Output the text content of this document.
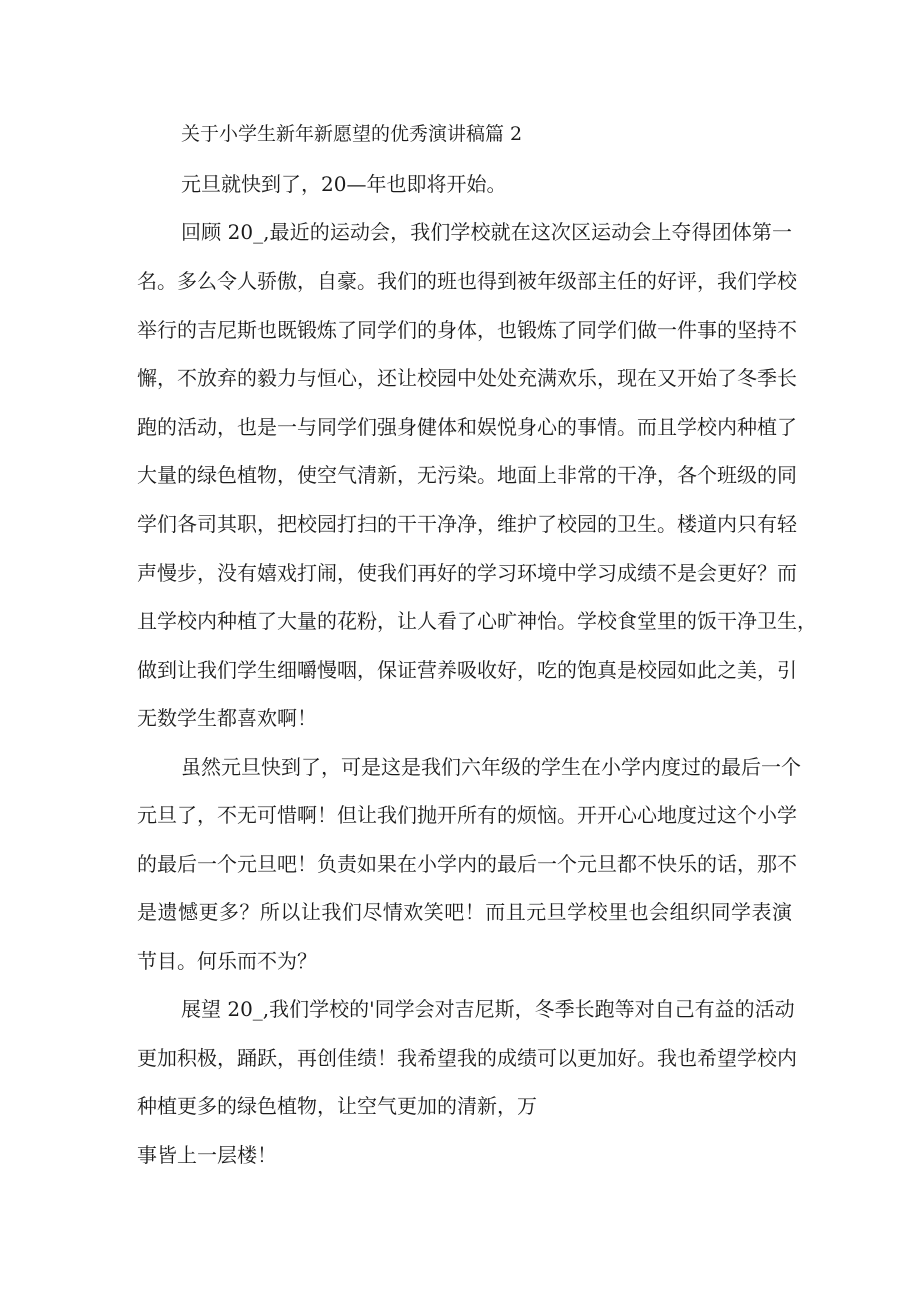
关于小学生新年新愿望的优秀演讲稿篇 2

元旦就快到了，20—年也即将开始。

回顾 20_,最近的运动会，我们学校就在这次区运动会上夺得团体第一

名。多么令人骄傲，自豪。我们的班也得到被年级部主任的好评，我们学校

举行的吉尼斯也既锻炼了同学们的身体，也锻炼了同学们做一件事的坚持不

懈，不放弃的毅力与恒心，还让校园中处处充满欢乐，现在又开始了冬季长

跑的活动，也是一与同学们强身健体和娱悦身心的事情。而且学校内种植了

大量的绿色植物，使空气清新，无污染。地面上非常的干净，各个班级的同

学们各司其职，把校园打扫的干干净净，维护了校园的卫生。楼道内只有轻

声慢步，没有嬉戏打闹，使我们再好的学习环境中学习成绩不是会更好？而

且学校内种植了大量的花粉，让人看了心旷神怡。学校食堂里的饭干净卫生，

做到让我们学生细嚼慢咽，保证营养吸收好，吃的饱真是校园如此之美，引

无数学生都喜欢啊！

虽然元旦快到了，可是这是我们六年级的学生在小学内度过的最后一个

元旦了，不无可惜啊！但让我们抛开所有的烦恼。开开心心地度过这个小学

的最后一个元旦吧！负责如果在小学内的最后一个元旦都不快乐的话，那不

是遗憾更多？所以让我们尽情欢笑吧！而且元旦学校里也会组织同学表演

节目。何乐而不为？

展望 20_,我们学校的'同学会对吉尼斯，冬季长跑等对自己有益的活动

更加积极，踊跃，再创佳绩！我希望我的成绩可以更加好。我也希望学校内

种植更多的绿色植物，让空气更加的清新，万

事皆上一层楼！
